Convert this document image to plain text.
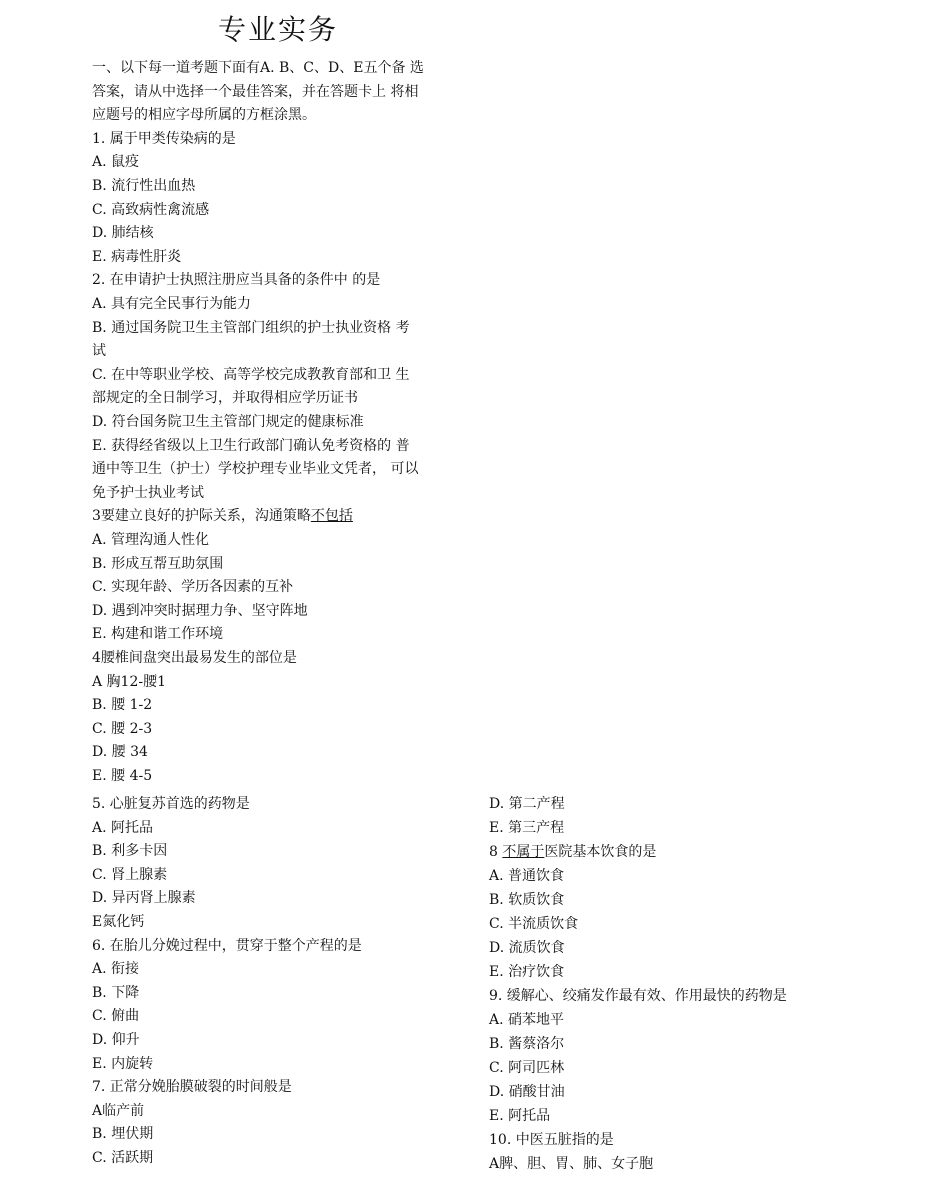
专业实务
一、以下每一道考题下面有A. B、C、D、E五个备 选
答案，请从中选择一个最佳答案，并在答题卡上 将相
应题号的相应字母所属的方框涂黑。
1. 属于甲类传染病的是
A. 鼠疫
B. 流行性出血热
C. 高致病性禽流感
D. 肺结核
E. 病毒性肝炎
2. 在申请护士执照注册应当具备的条件中 的是
A. 具有完全民事行为能力
B. 通过国务院卫生主管部门组织的护士执业资格 考
试
C. 在中等职业学校、高等学校完成教教育部和卫 生
部规定的全日制学习，并取得相应学历证书
D. 符台国务院卫生主管部门规定的健康标准
E. 获得经省级以上卫生行政部门确认免考资格的 普
通中等卫生（护士）学校护理专业毕业文凭者， 可以
免予护士执业考试
3要建立良好的护际关系，沟通策略不包括
A. 管理沟通人性化
B. 形成互帮互助氛围
C. 实现年龄、学历各因素的互补
D. 遇到冲突时据理力争、坚守阵地
E. 构建和谐工作环境
4腰椎间盘突出最易发生的部位是
A 胸12-腰1
B. 腰 1-2
C. 腰 2-3
D. 腰 34
E. 腰 4-5
5. 心脏复苏首选的药物是
A. 阿托品
B. 利多卡因
C. 肾上腺素
D. 异丙肾上腺素
E氮化钙
6. 在胎儿分娩过程中，贯穿于整个产程的是
A. 衔接
B. 下降
C. 俯曲
D. 仰升
E. 内旋转
7. 正常分娩胎膜破裂的时间般是
A临产前
B. 埋伏期
C. 活跃期
D. 第二产程
E. 第三产程
8 不属于医院基本饮食的是
A. 普通饮食
B. 软质饮食
C. 半流质饮食
D. 流质饮食
E. 治疗饮食
9. 缓解心、绞痛发作最有效、作用最快的药物是
A. 硝苯地平
B. 酱蔡洛尔
C. 阿司匹林
D. 硝酸甘油
E. 阿托品
10. 中医五脏指的是
A脾、胆、胃、肺、女子胞
